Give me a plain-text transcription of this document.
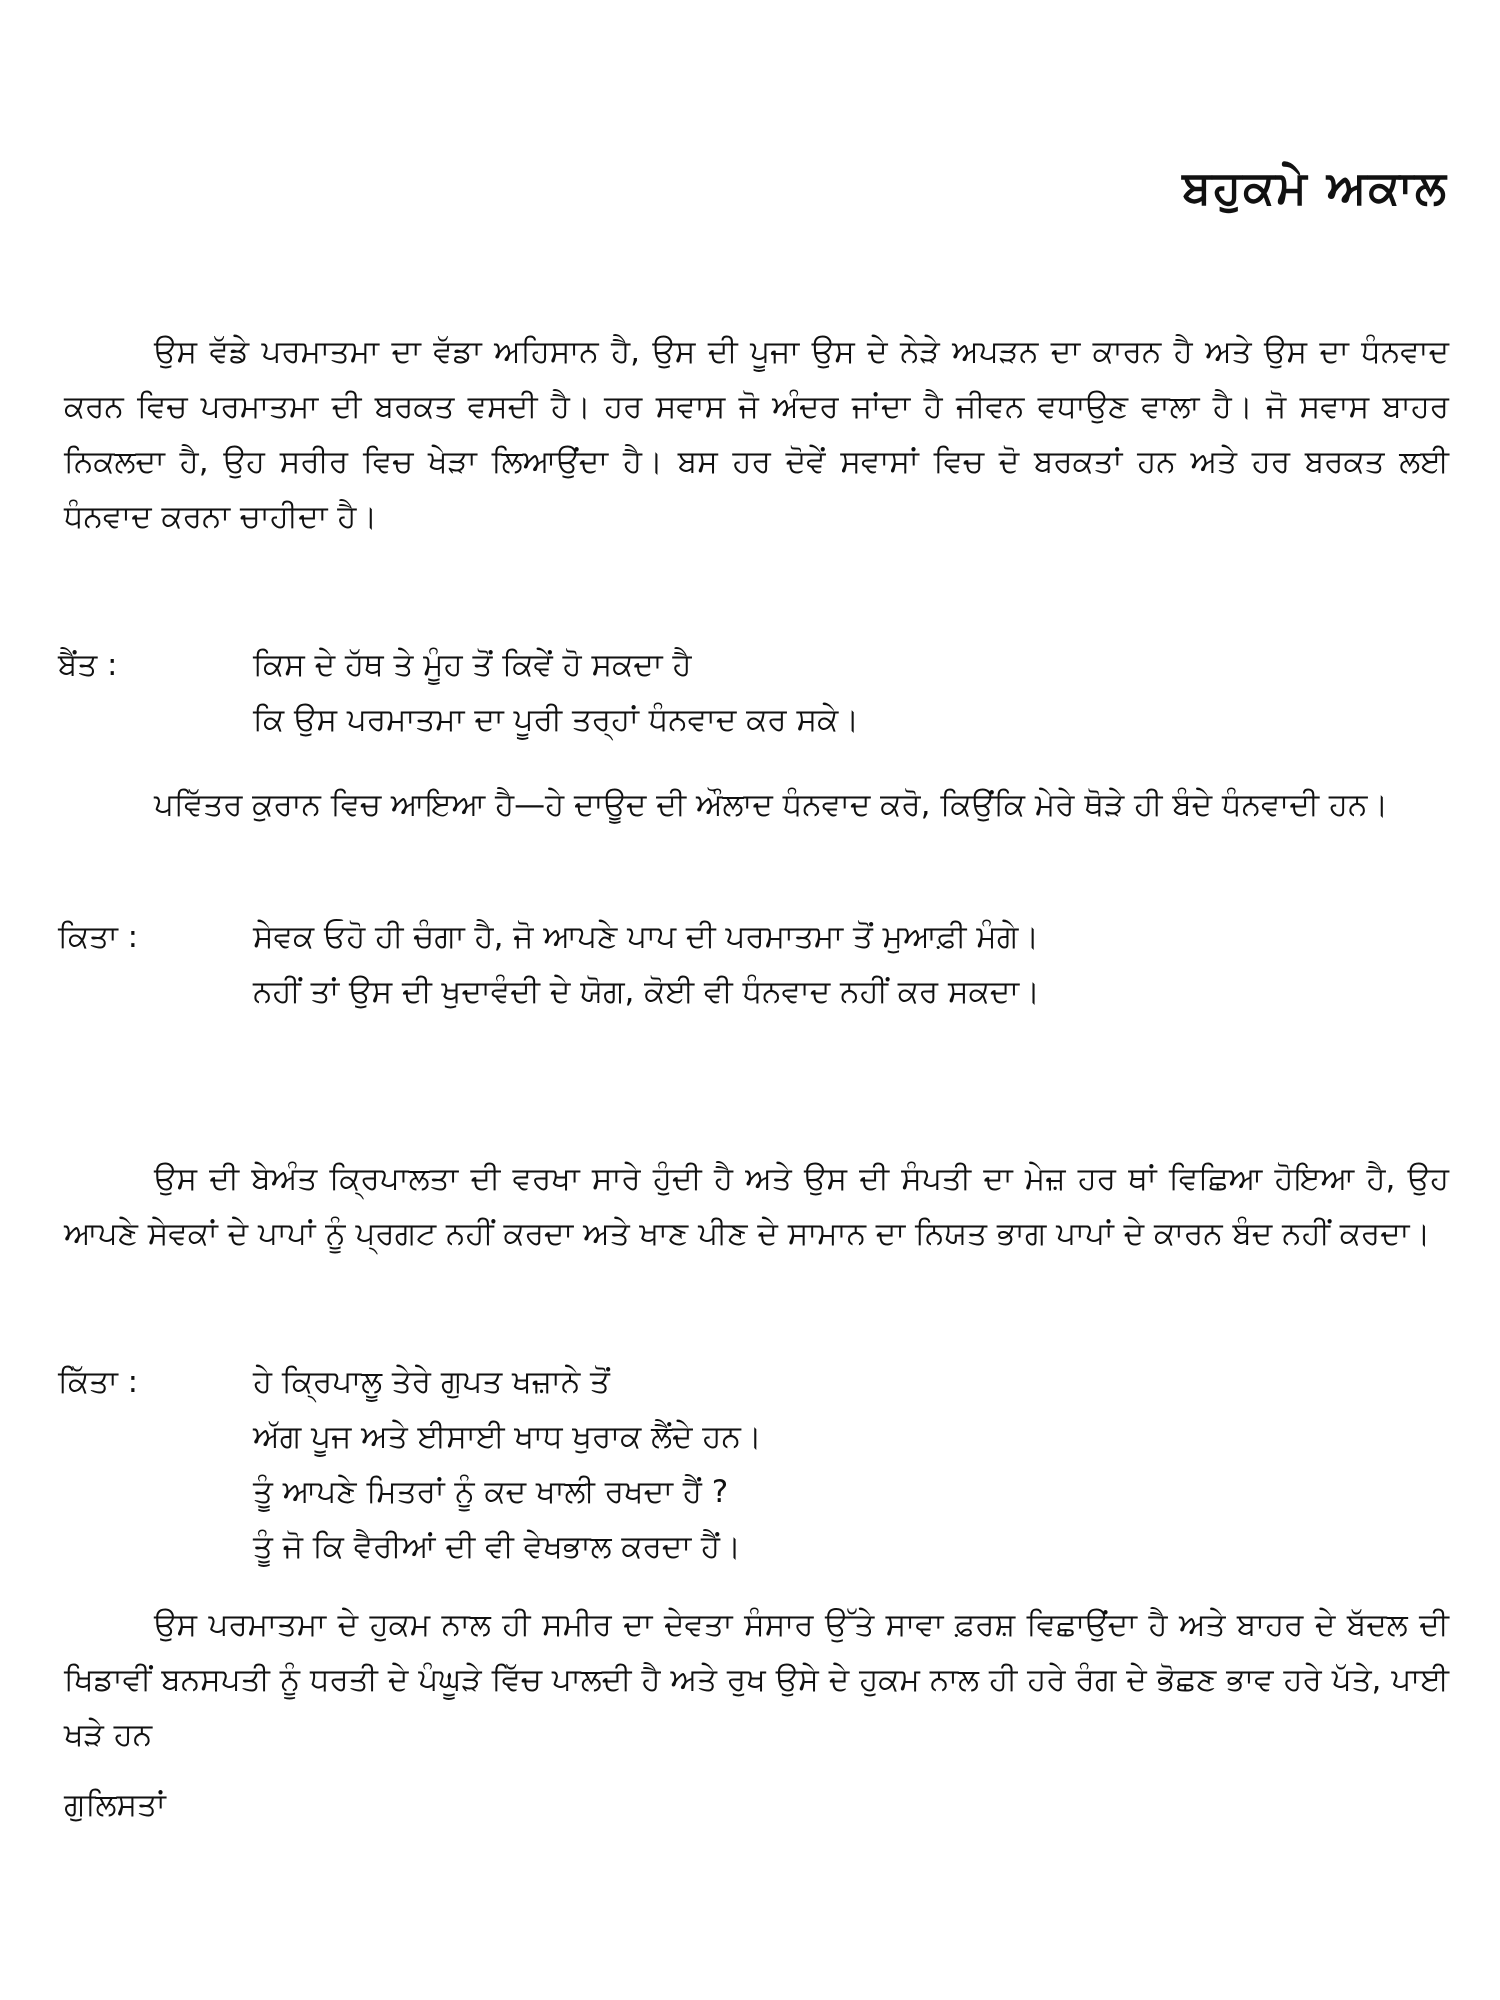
ਬਹੁਕਮੇ ਅਕਾਲ

ਉਸ ਵੱਡੇ ਪਰਮਾਤਮਾ ਦਾ ਵੱਡਾ ਅਹਿਸਾਨ ਹੈ, ਉਸ ਦੀ ਪੂਜਾ ਉਸ ਦੇ ਨੇੜੇ ਅਪੜਨ ਦਾ ਕਾਰਨ ਹੈ ਅਤੇ ਉਸ ਦਾ ਧੰਨਵਾਦ ਕਰਨ ਵਿਚ ਪਰਮਾਤਮਾ ਦੀ ਬਰਕਤ ਵਸਦੀ ਹੈ। ਹਰ ਸਵਾਸ ਜੋ ਅੰਦਰ ਜਾਂਦਾ ਹੈ ਜੀਵਨ ਵਧਾਉਣ ਵਾਲਾ ਹੈ। ਜੋ ਸਵਾਸ ਬਾਹਰ ਨਿਕਲਦਾ ਹੈ, ਉਹ ਸਰੀਰ ਵਿਚ ਖੇੜਾ ਲਿਆਉਂਦਾ ਹੈ। ਬਸ ਹਰ ਦੋਵੇਂ ਸਵਾਸਾਂ ਵਿਚ ਦੋ ਬਰਕਤਾਂ ਹਨ ਅਤੇ ਹਰ ਬਰਕਤ ਲਈ ਧੰਨਵਾਦ ਕਰਨਾ ਚਾਹੀਦਾ ਹੈ।

ਬੈਂਤ :	ਕਿਸ ਦੇ ਹੱਥ ਤੇ ਮੂੰਹ ਤੋਂ ਕਿਵੇਂ ਹੋ ਸਕਦਾ ਹੈ
ਕਿ ਉਸ ਪਰਮਾਤਮਾ ਦਾ ਪੂਰੀ ਤਰ੍ਹਾਂ ਧੰਨਵਾਦ ਕਰ ਸਕੇ।

ਪਵਿੱਤਰ ਕੁਰਾਨ ਵਿਚ ਆਇਆ ਹੈ—ਹੇ ਦਾਊਦ ਦੀ ਔਲਾਦ ਧੰਨਵਾਦ ਕਰੋ, ਕਿਉਂਕਿ ਮੇਰੇ ਥੋੜੇ ਹੀ ਬੰਦੇ ਧੰਨਵਾਦੀ ਹਨ।

ਕਿਤਾ :	ਸੇਵਕ ਓਹੋ ਹੀ ਚੰਗਾ ਹੈ, ਜੋ ਆਪਣੇ ਪਾਪ ਦੀ ਪਰਮਾਤਮਾ ਤੋਂ ਮੁਆਫ਼ੀ ਮੰਗੇ।
ਨਹੀਂ ਤਾਂ ਉਸ ਦੀ ਖੁਦਾਵੰਦੀ ਦੇ ਯੋਗ, ਕੋਈ ਵੀ ਧੰਨਵਾਦ ਨਹੀਂ ਕਰ ਸਕਦਾ।

ਉਸ ਦੀ ਬੇਅੰਤ ਕ੍ਰਿਪਾਲਤਾ ਦੀ ਵਰਖਾ ਸਾਰੇ ਹੁੰਦੀ ਹੈ ਅਤੇ ਉਸ ਦੀ ਸੰਪਤੀ ਦਾ ਮੇਜ਼ ਹਰ ਥਾਂ ਵਿਛਿਆ ਹੋਇਆ ਹੈ, ਉਹ ਆਪਣੇ ਸੇਵਕਾਂ ਦੇ ਪਾਪਾਂ ਨੂੰ ਪ੍ਰਗਟ ਨਹੀਂ ਕਰਦਾ ਅਤੇ ਖਾਣ ਪੀਣ ਦੇ ਸਾਮਾਨ ਦਾ ਨਿਯਤ ਭਾਗ ਪਾਪਾਂ ਦੇ ਕਾਰਨ ਬੰਦ ਨਹੀਂ ਕਰਦਾ।

ਕਿੱਤਾ :	ਹੇ ਕ੍ਰਿਪਾਲੂ ਤੇਰੇ ਗੁਪਤ ਖਜ਼ਾਨੇ ਤੋਂ
ਅੱਗ ਪੂਜ ਅਤੇ ਈਸਾਈ ਖਾਧ ਖੁਰਾਕ ਲੈਂਦੇ ਹਨ।
ਤੂੰ ਆਪਣੇ ਮਿਤਰਾਂ ਨੂੰ ਕਦ ਖਾਲੀ ਰਖਦਾ ਹੈਂ ?
ਤੂੰ ਜੋ ਕਿ ਵੈਰੀਆਂ ਦੀ ਵੀ ਵੇਖਭਾਲ ਕਰਦਾ ਹੈਂ।

ਉਸ ਪਰਮਾਤਮਾ ਦੇ ਹੁਕਮ ਨਾਲ ਹੀ ਸਮੀਰ ਦਾ ਦੇਵਤਾ ਸੰਸਾਰ ਉੱਤੇ ਸਾਵਾ ਫ਼ਰਸ਼ ਵਿਛਾਉਂਦਾ ਹੈ ਅਤੇ ਬਾਹਰ ਦੇ ਬੱਦਲ ਦੀ ਖਿਡਾਵੀਂ ਬਨਸਪਤੀ ਨੂੰ ਧਰਤੀ ਦੇ ਪੰਘੂੜੇ ਵਿੱਚ ਪਾਲਦੀ ਹੈ ਅਤੇ ਰੁਖ ਉਸੇ ਦੇ ਹੁਕਮ ਨਾਲ ਹੀ ਹਰੇ ਰੰਗ ਦੇ ਭੋਛਣ ਭਾਵ ਹਰੇ ਪੱਤੇ, ਪਾਈ ਖੜੇ ਹਨ

ਗੁਲਿਸਤਾਂ
